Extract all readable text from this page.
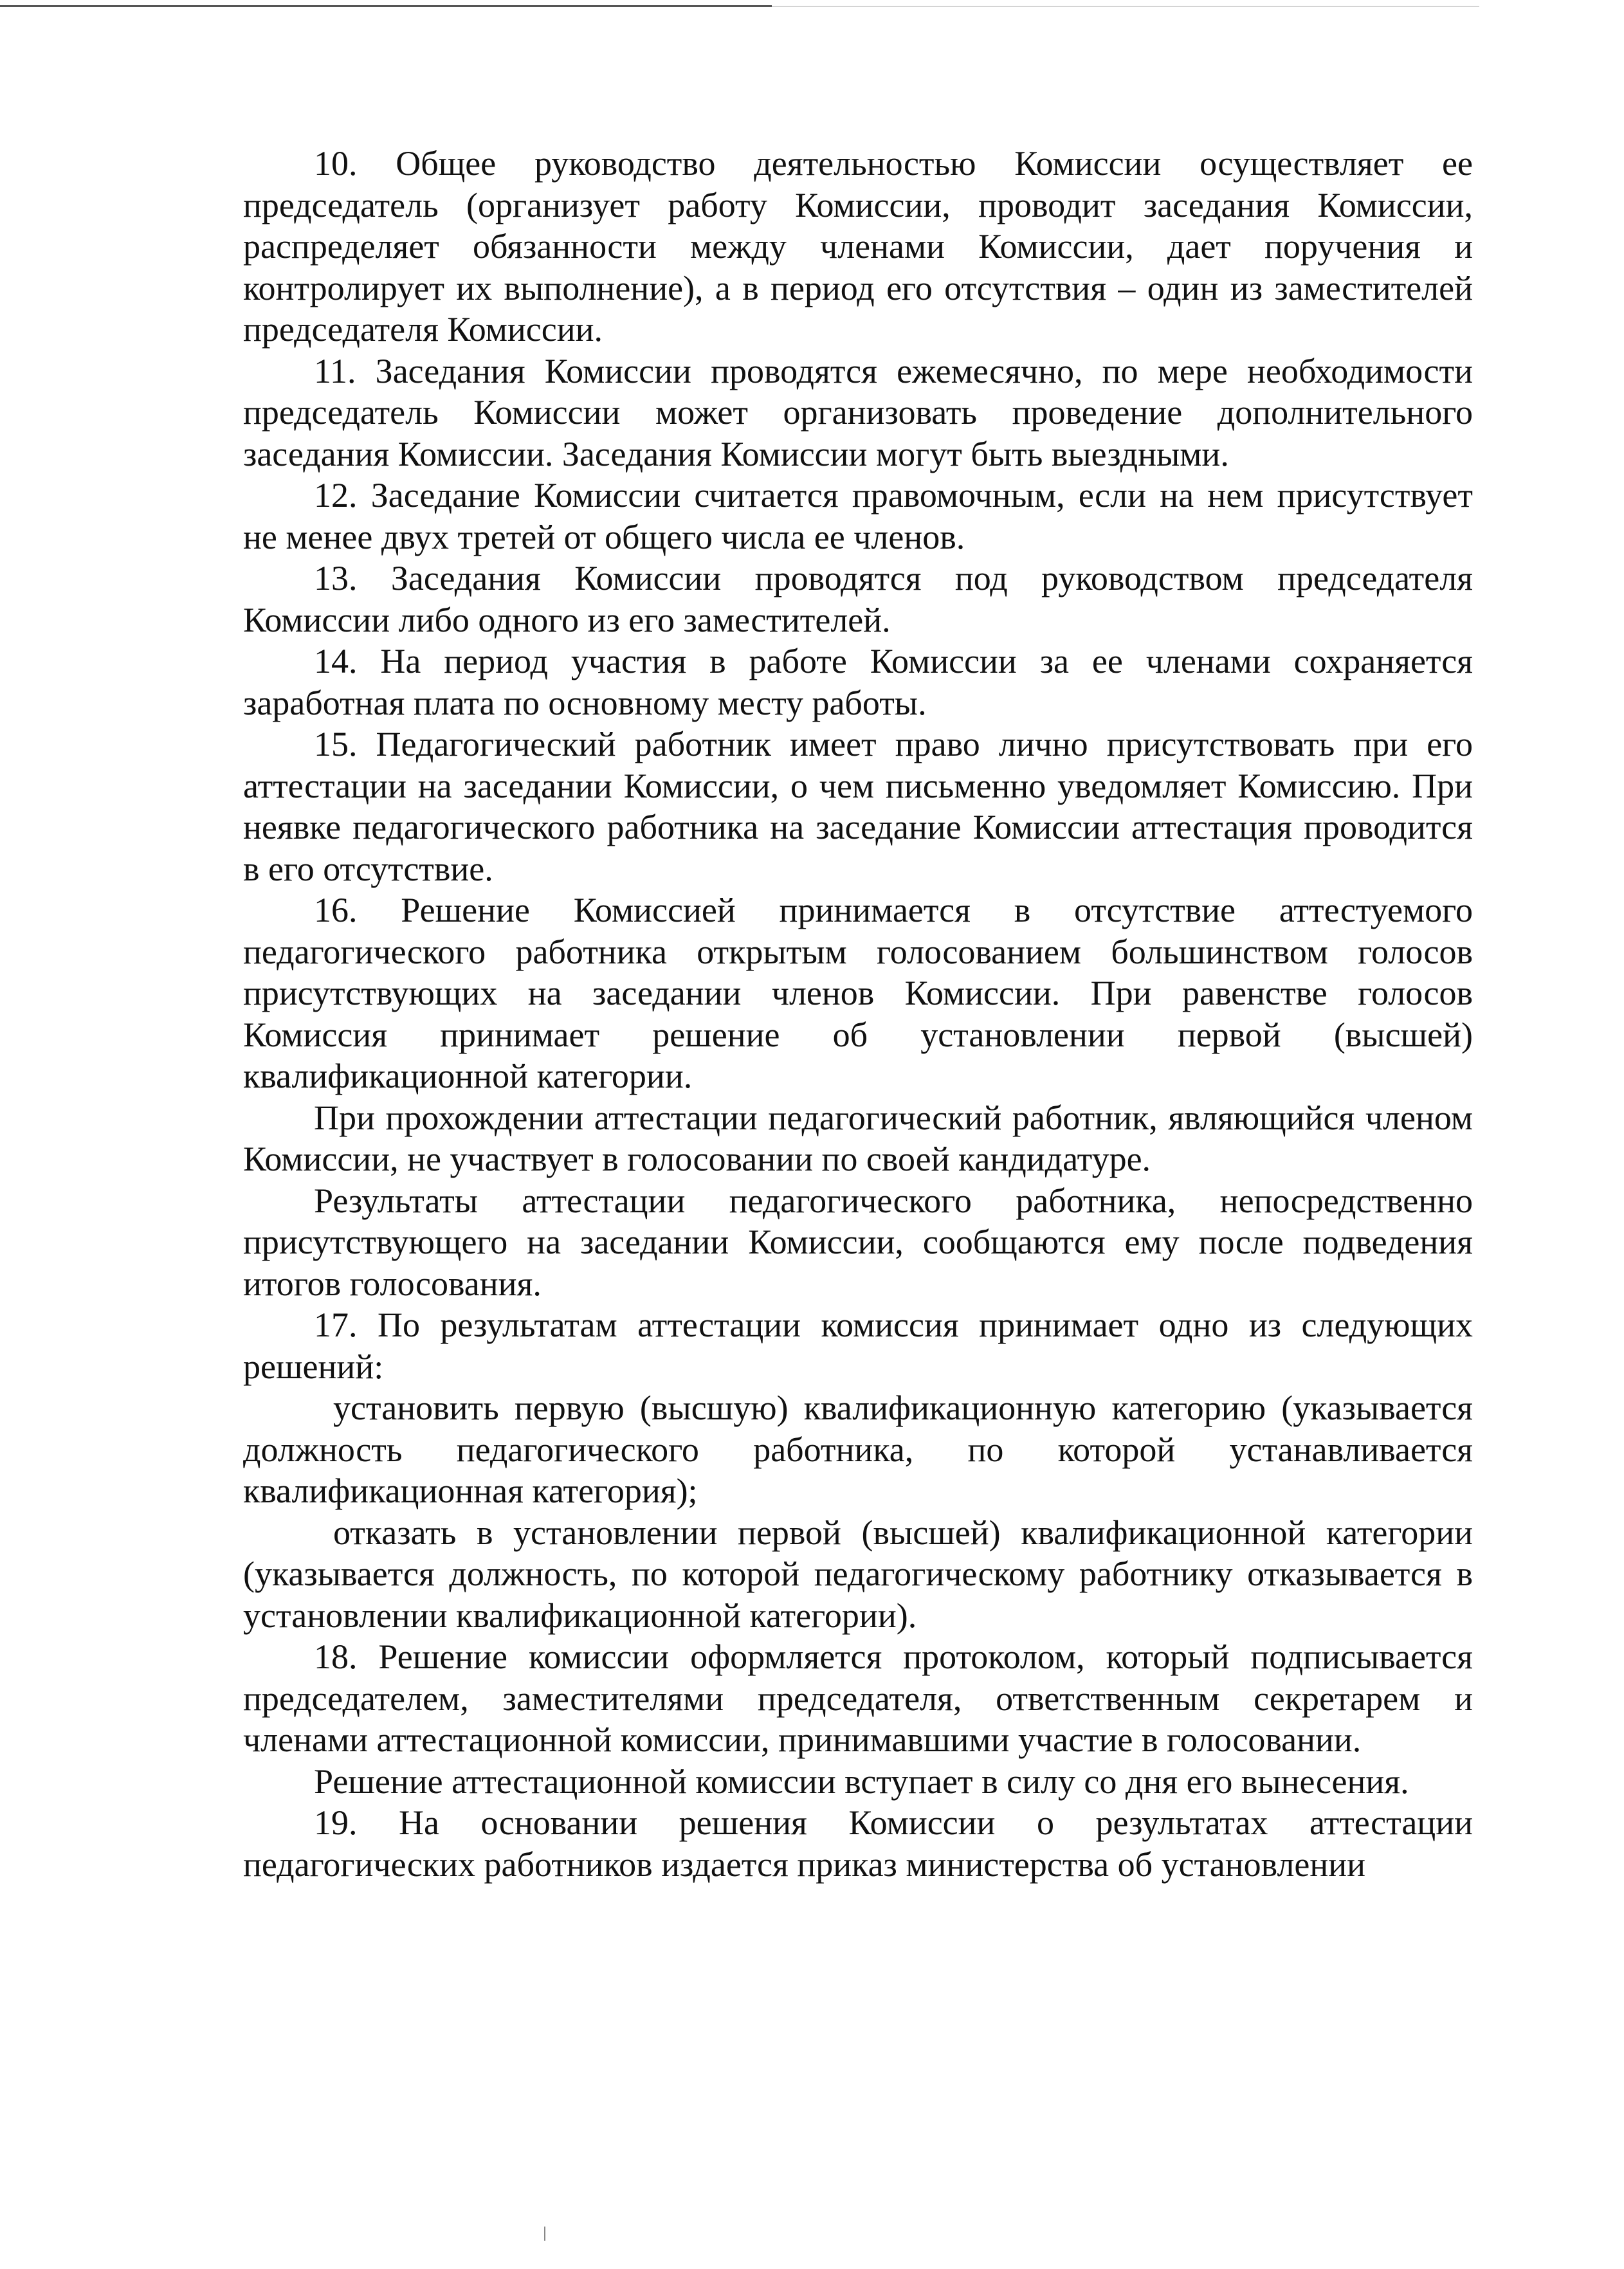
10. Общее руководство деятельностью Комиссии осуществляет ее председатель (организует работу Комиссии, проводит заседания Комиссии, распределяет обязанности между членами Комиссии, дает поручения и контролирует их выполнение), а в период его отсутствия – один из заместителей председателя Комиссии.

11. Заседания Комиссии проводятся ежемесячно, по мере необходимости председатель Комиссии может организовать проведение дополнительного заседания Комиссии. Заседания Комиссии могут быть выездными.

12. Заседание Комиссии считается правомочным, если на нем присутствует не менее двух третей от общего числа ее членов.

13. Заседания Комиссии проводятся под руководством председателя Комиссии либо одного из его заместителей.

14. На период участия в работе Комиссии за ее членами сохраняется заработная плата по основному месту работы.

15. Педагогический работник имеет право лично присутствовать при его аттестации на заседании Комиссии, о чем письменно уведомляет Комиссию. При неявке педагогического работника на заседание Комиссии аттестация проводится в его отсутствие.

16. Решение Комиссией принимается в отсутствие аттестуемого педагогического работника открытым голосованием большинством голосов присутствующих на заседании членов Комиссии. При равенстве голосов Комиссия принимает решение об установлении первой (высшей) квалификационной категории.

При прохождении аттестации педагогический работник, являющийся членом Комиссии, не участвует в голосовании по своей кандидатуре.

Результаты аттестации педагогического работника, непосредственно присутствующего на заседании Комиссии, сообщаются ему после подведения итогов голосования.

17. По результатам аттестации комиссия принимает одно из следующих решений:

установить первую (высшую) квалификационную категорию (указывается должность педагогического работника, по которой устанавливается квалификационная категория);

отказать в установлении первой (высшей) квалификационной категории (указывается должность, по которой педагогическому работнику отказывается в установлении квалификационной категории).

18. Решение комиссии оформляется протоколом, который подписывается председателем, заместителями председателя, ответственным секретарем и членами аттестационной комиссии, принимавшими участие в голосовании.

Решение аттестационной комиссии вступает в силу со дня его вынесения.

19. На основании решения Комиссии о результатах аттестации педагогических работников издается приказ министерства об установлении
